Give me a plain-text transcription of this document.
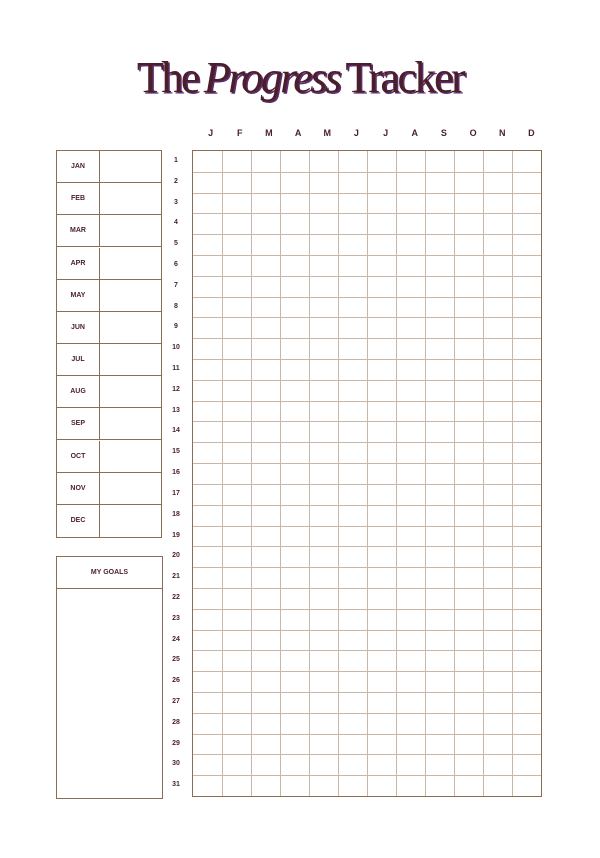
The Progress Tracker
J	F	M	A	M	J	J	A	S	O	N	D
JAN
FEB
MAR
APR
MAY
JUN
JUL
AUG
SEP
OCT
NOV
DEC
MY GOALS
1
2
3
4
5
6
7
8
9
10
11
12
13
14
15
16
17
18
19
20
21
22
23
24
25
26
27
28
29
30
31
